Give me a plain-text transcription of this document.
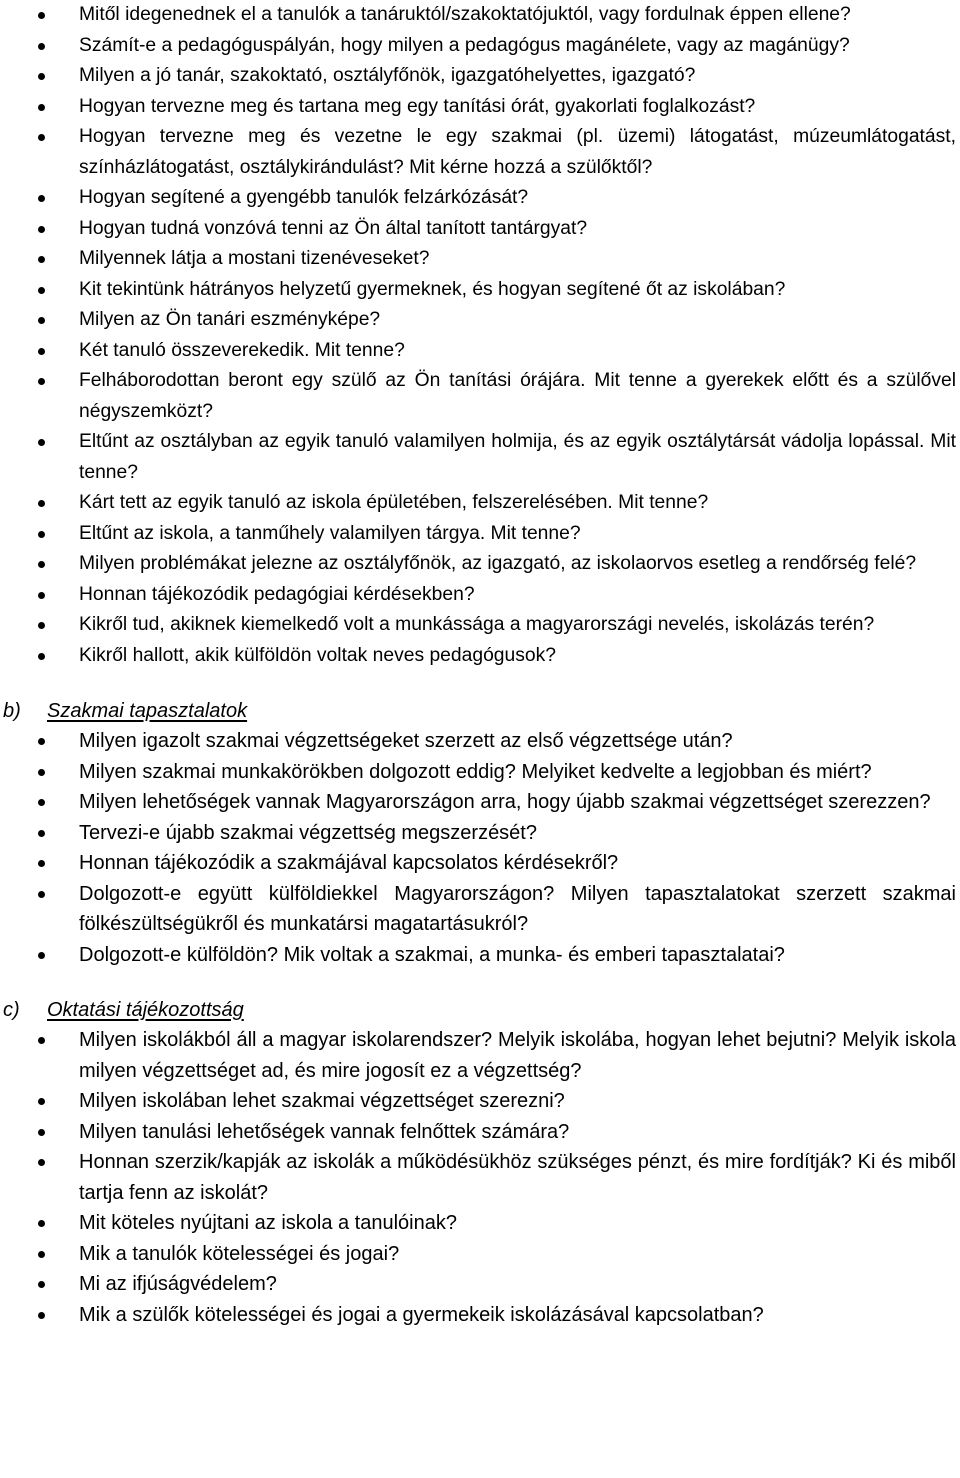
Mitől idegenednek el a tanulók a tanáruktól/szakoktatójuktól, vagy fordulnak éppen ellene?
Számít-e a pedagóguspályán, hogy milyen a pedagógus magánélete, vagy az magánügy?
Milyen a jó tanár, szakoktató, osztályfőnök, igazgatóhelyettes, igazgató?
Hogyan tervezne meg és tartana meg egy tanítási órát, gyakorlati foglalkozást?
Hogyan tervezne meg és vezetne le egy szakmai (pl. üzemi) látogatást, múzeumlátogatást, színházlátogatást, osztálykirándulást? Mit kérne hozzá a szülőktől?
Hogyan segítené a gyengébb tanulók felzárkózását?
Hogyan tudná vonzóvá tenni az Ön által tanított tantárgyat?
Milyennek látja a mostani tizenéveseket?
Kit tekintünk hátrányos helyzetű gyermeknek, és hogyan segítené őt az iskolában?
Milyen az Ön tanári eszményképe?
Két tanuló összeverekedik. Mit tenne?
Felháborodottan beront egy szülő az Ön tanítási órájára. Mit tenne a gyerekek előtt és a szülővel négyszemközt?
Eltűnt az osztályban az egyik tanuló valamilyen holmija, és az egyik osztálytársát vádolja lopással. Mit tenne?
Kárt tett az egyik tanuló az iskola épületében, felszerelésében. Mit tenne?
Eltűnt az iskola, a tanműhely valamilyen tárgya. Mit tenne?
Milyen problémákat jelezne az osztályfőnök, az igazgató, az iskolaorvos esetleg a rendőrség felé?
Honnan tájékozódik pedagógiai kérdésekben?
Kikről tud, akiknek kiemelkedő volt a munkássága a magyarországi nevelés, iskolázás terén?
Kikről hallott, akik külföldön voltak neves pedagógusok?
b) Szakmai tapasztalatok
Milyen igazolt szakmai végzettségeket szerzett az első végzettsége után?
Milyen szakmai munkakörökben dolgozott eddig? Melyiket kedvelte a legjobban és miért?
Milyen lehetőségek vannak Magyarországon arra, hogy újabb szakmai végzettséget szerezzen?
Tervezi-e újabb szakmai végzettség megszerzését?
Honnan tájékozódik a szakmájával kapcsolatos kérdésekről?
Dolgozott-e együtt külföldiekkel Magyarországon? Milyen tapasztalatokat szerzett szakmai fölkészültségükről és munkatársi magatartásukról?
Dolgozott-e külföldön? Mik voltak a szakmai, a munka- és emberi tapasztalatai?
c) Oktatási tájékozottság
Milyen iskolákból áll a magyar iskolarendszer? Melyik iskolába, hogyan lehet bejutni? Melyik iskola milyen végzettséget ad, és mire jogosít ez a végzettség?
Milyen iskolában lehet szakmai végzettséget szerezni?
Milyen tanulási lehetőségek vannak felnőttek számára?
Honnan szerzik/kapják az iskolák a működésükhöz szükséges pénzt, és mire fordítják? Ki és miből tartja fenn az iskolát?
Mit köteles nyújtani az iskola a tanulóinak?
Mik a tanulók kötelességei és jogai?
Mi az ifjúságvédelem?
Mik a szülők kötelességei és jogai a gyermekeik iskolázásával kapcsolatban?
